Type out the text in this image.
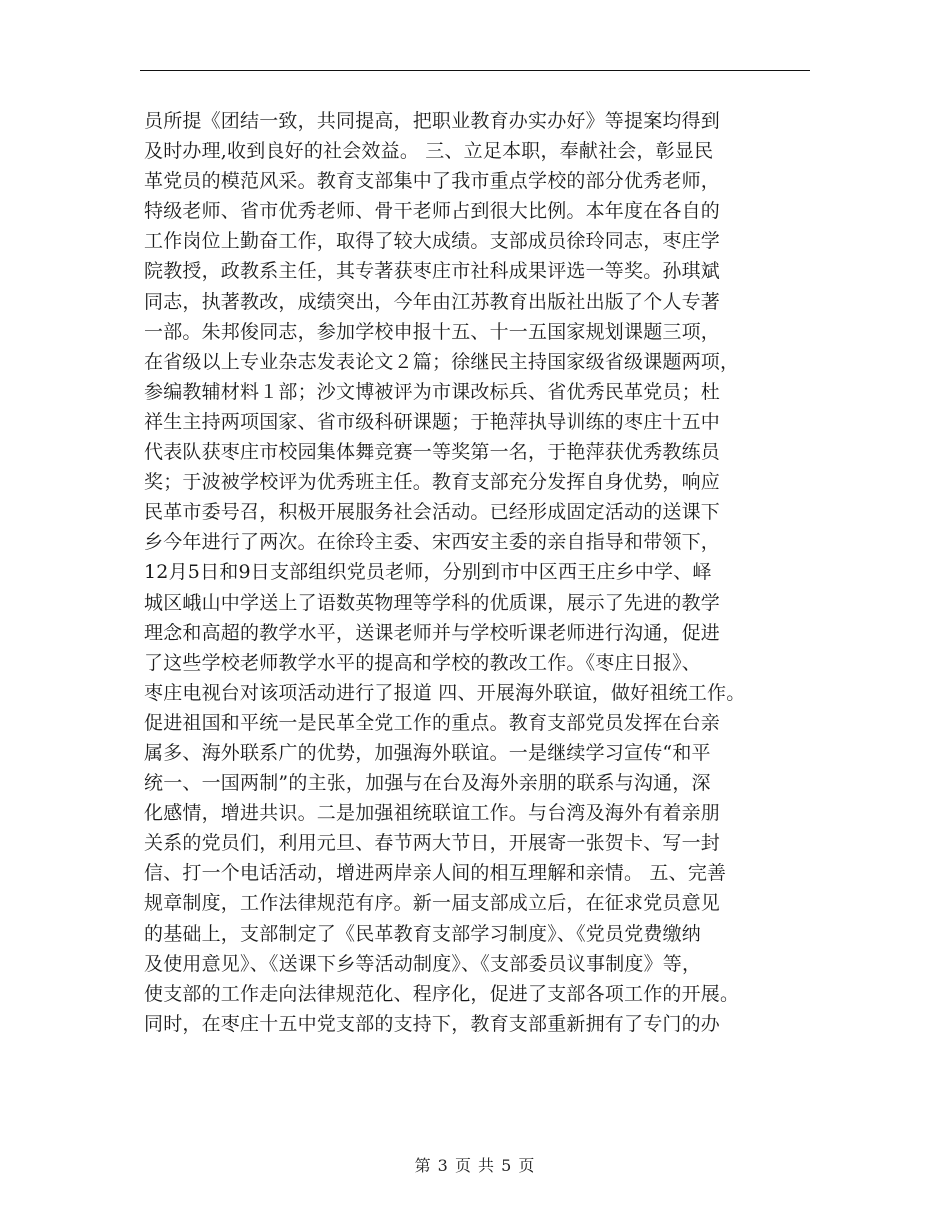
员所提《团结一致，共同提高，把职业教育办实办好》等提案均得到
及时办理,收到良好的社会效益。 三、立足本职，奉献社会，彰显民
革党员的模范风采。教育支部集中了我市重点学校的部分优秀老师，
特级老师、省市优秀老师、骨干老师占到很大比例。本年度在各自的
工作岗位上勤奋工作，取得了较大成绩。支部成员徐玲同志，枣庄学
院教授，政教系主任，其专著获枣庄市社科成果评选一等奖。孙琪斌
同志，执著教改，成绩突出，今年由江苏教育出版社出版了个人专著
一部。朱邦俊同志，参加学校申报十五、十一五国家规划课题三项，
在省级以上专业杂志发表论文２篇；徐继民主持国家级省级课题两项，
参编教辅材料１部；沙文博被评为市课改标兵、省优秀民革党员；杜
祥生主持两项国家、省市级科研课题；于艳萍执导训练的枣庄十五中
代表队获枣庄市校园集体舞竞赛一等奖第一名，于艳萍获优秀教练员
奖；于波被学校评为优秀班主任。教育支部充分发挥自身优势，响应
民革市委号召，积极开展服务社会活动。已经形成固定活动的送课下
乡今年进行了两次。在徐玲主委、宋西安主委的亲自指导和带领下，
12月5日和9日支部组织党员老师，分别到市中区西王庄乡中学、峄
城区峨山中学送上了语数英物理等学科的优质课，展示了先进的教学
理念和高超的教学水平，送课老师并与学校听课老师进行沟通，促进
了这些学校老师教学水平的提高和学校的教改工作。《枣庄日报》、
枣庄电视台对该项活动进行了报道 四、开展海外联谊，做好祖统工作。
促进祖国和平统一是民革全党工作的重点。教育支部党员发挥在台亲
属多、海外联系广的优势，加强海外联谊。一是继续学习宣传“和平
统一、一国两制”的主张，加强与在台及海外亲朋的联系与沟通，深
化感情，增进共识。二是加强祖统联谊工作。与台湾及海外有着亲朋
关系的党员们，利用元旦、春节两大节日，开展寄一张贺卡、写一封
信、打一个电话活动，增进两岸亲人间的相互理解和亲情。 五、完善
规章制度，工作法律规范有序。新一届支部成立后，在征求党员意见
的基础上，支部制定了《民革教育支部学习制度》、《党员党费缴纳
及使用意见》、《送课下乡等活动制度》、《支部委员议事制度》等，
使支部的工作走向法律规范化、程序化，促进了支部各项工作的开展。
同时，在枣庄十五中党支部的支持下，教育支部重新拥有了专门的办
第 3 页 共 5 页
